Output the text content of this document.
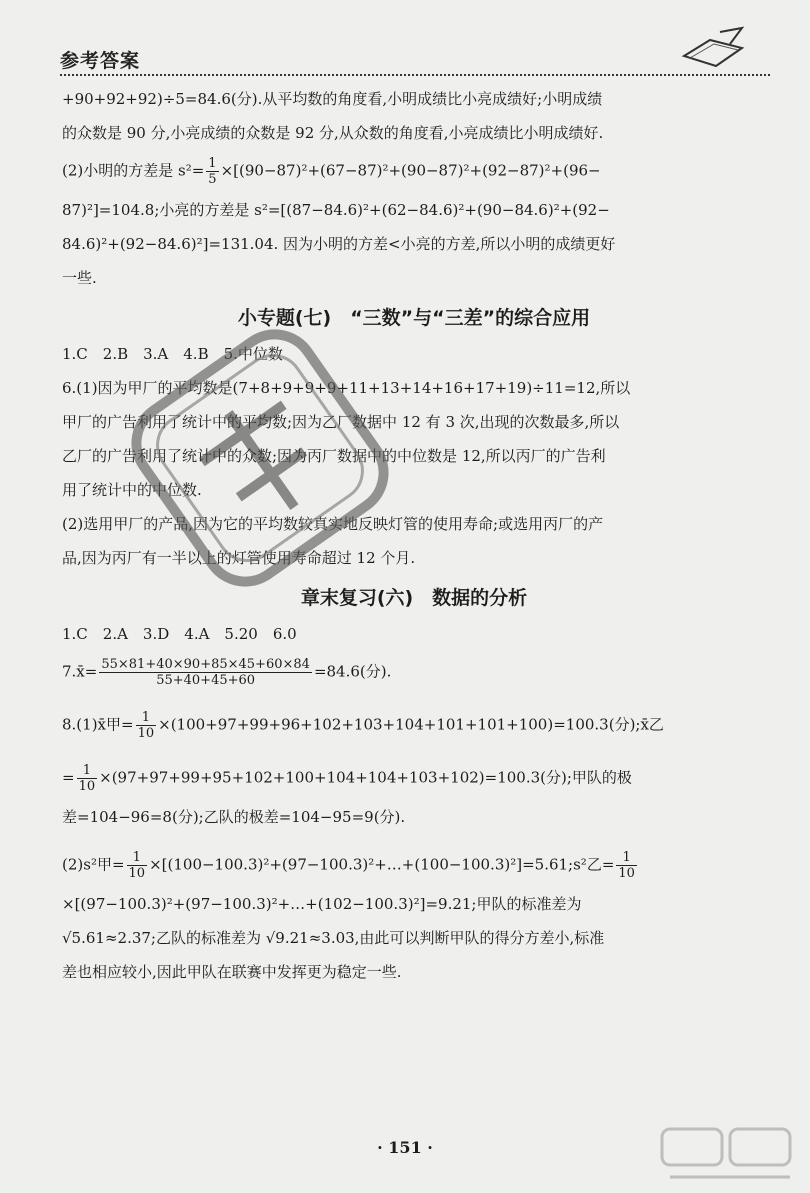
参考答案

+90+92+92)÷5=84.6(分).从平均数的角度看,小明成绩比小亮成绩好;小明成绩

的众数是 90 分,小亮成绩的众数是 92 分,从众数的角度看,小亮成绩比小明成绩好.

(2)小明的方差是 $s^2= \frac{1}{5} \times[(90-87)^2+(67-87)^2+(90-87)^2+(92-87)^2+(96-$

87)²]=104.8;小亮的方差是 s²=[(87−84.6)²+(62−84.6)²+(90−84.6)²+(92−

84.6)²+(92−84.6)²]=131.04. 因为小明的方差<小亮的方差,所以小明的成绩更好

一些.

小专题(七)　“三数”与“三差”的综合应用

1.C　2.B　3.A　4.B　5.中位数

6.(1)因为甲厂的平均数是(7+8+9+9+9+11+13+14+16+17+19)÷11=12,所以

甲厂的广告利用了统计中的平均数;因为乙厂数据中 12 有 3 次,出现的次数最多,所以

乙厂的广告利用了统计中的众数;因为丙厂数据中的中位数是 12,所以丙厂的广告利

用了统计中的中位数.

(2)选用甲厂的产品,因为它的平均数较真实地反映灯管的使用寿命;或选用丙厂的产

品,因为丙厂有一半以上的灯管使用寿命超过 12 个月.

章末复习(六)　数据的分析

1.C　2.A　3.D　4.A　5.20　6.0

7.x̄= $\frac{55\times 81+40\times 90+85\times 45+60\times 84}{55+40+45+60} =84.6$(分).

8.(1)x̄甲= $\frac{1}{10} \times(100+97+99+96+102+103+104+101+101+100)=100.3$(分);x̄乙

= $\frac{1}{10} \times(97+97+99+95+102+100+104+104+103+102)=100.3$(分);甲队的极

差=104−96=8(分);乙队的极差=104−95=9(分).

(2)s²甲= $\frac{1}{10}$ ×[(100−100.3)²+(97−100.3)²+…+(100−100.3)²]=5.61;s²乙= $\frac{1}{10}$

×[(97−100.3)²+(97−100.3)²+…+(102−100.3)²]=9.21;甲队的标准差为

√5.61≈2.37;乙队的标准差为 √9.21≈3.03,由此可以判断甲队的得分方差小,标准

差也相应较小,因此甲队在联赛中发挥更为稳定一些.

· 151 ·
